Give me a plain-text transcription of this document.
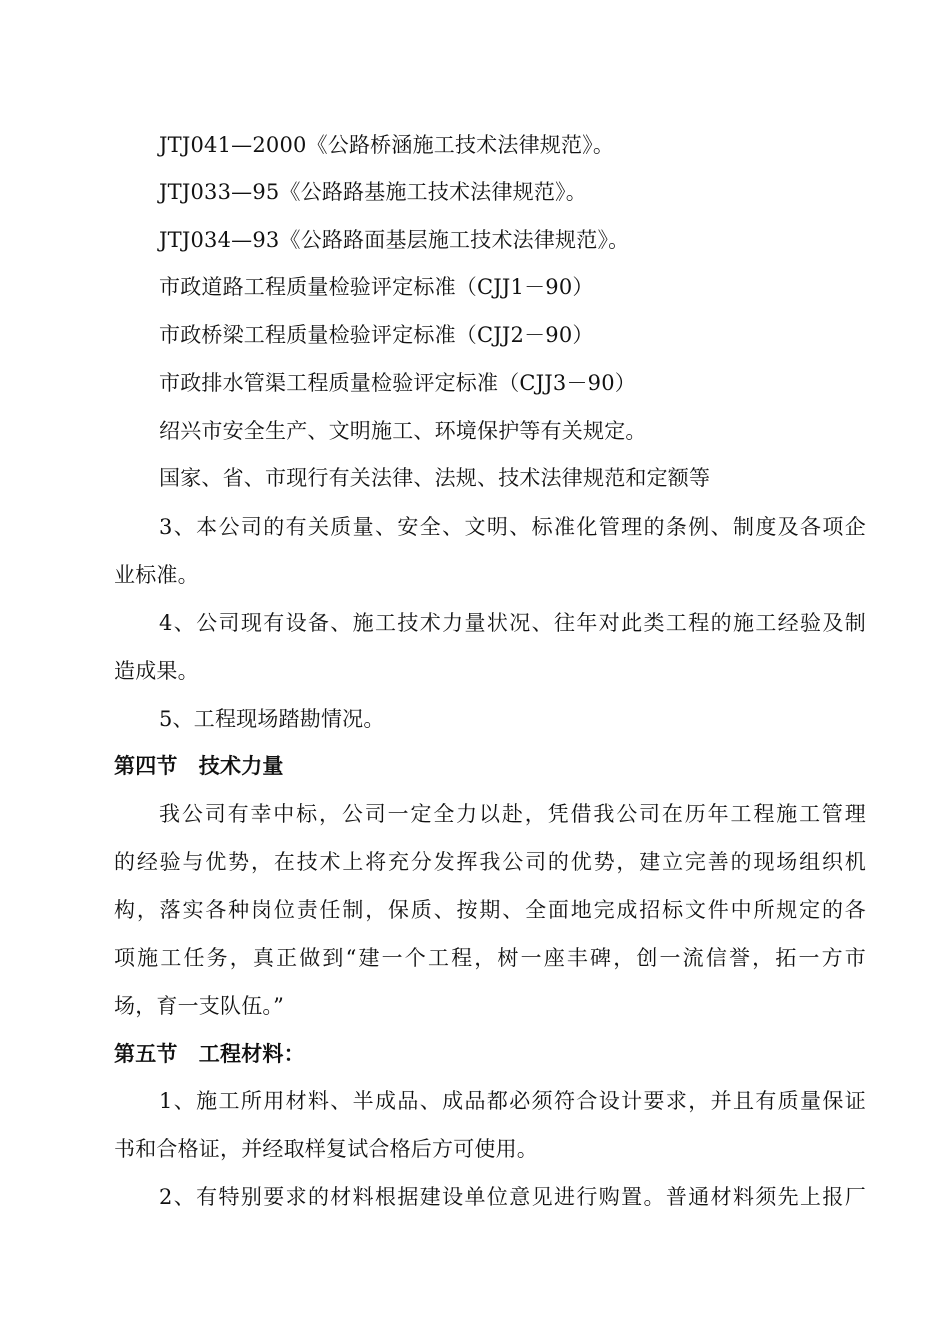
JTJ041—2000《公路桥涵施工技术法律规范》。
JTJ033—95《公路路基施工技术法律规范》。
JTJ034—93《公路路面基层施工技术法律规范》。
市政道路工程质量检验评定标准（CJJ1－90）
市政桥梁工程质量检验评定标准（CJJ2－90）
市政排水管渠工程质量检验评定标准（CJJ3－90）
绍兴市安全生产、文明施工、环境保护等有关规定。
国家、省、市现行有关法律、法规、技术法律规范和定额等
3、本公司的有关质量、安全、文明、标准化管理的条例、制度及各项企
业标准。
4、公司现有设备、施工技术力量状况、往年对此类工程的施工经验及制
造成果。
5、工程现场踏勘情况。
第四节　技术力量
我公司有幸中标，公司一定全力以赴，凭借我公司在历年工程施工管理
的经验与优势，在技术上将充分发挥我公司的优势，建立完善的现场组织机
构，落实各种岗位责任制，保质、按期、全面地完成招标文件中所规定的各
项施工任务，真正做到“建一个工程，树一座丰碑，创一流信誉，拓一方市
场，育一支队伍。”
第五节　工程材料：
1、施工所用材料、半成品、成品都必须符合设计要求，并且有质量保证
书和合格证，并经取样复试合格后方可使用。
2、有特别要求的材料根据建设单位意见进行购置。普通材料须先上报厂
